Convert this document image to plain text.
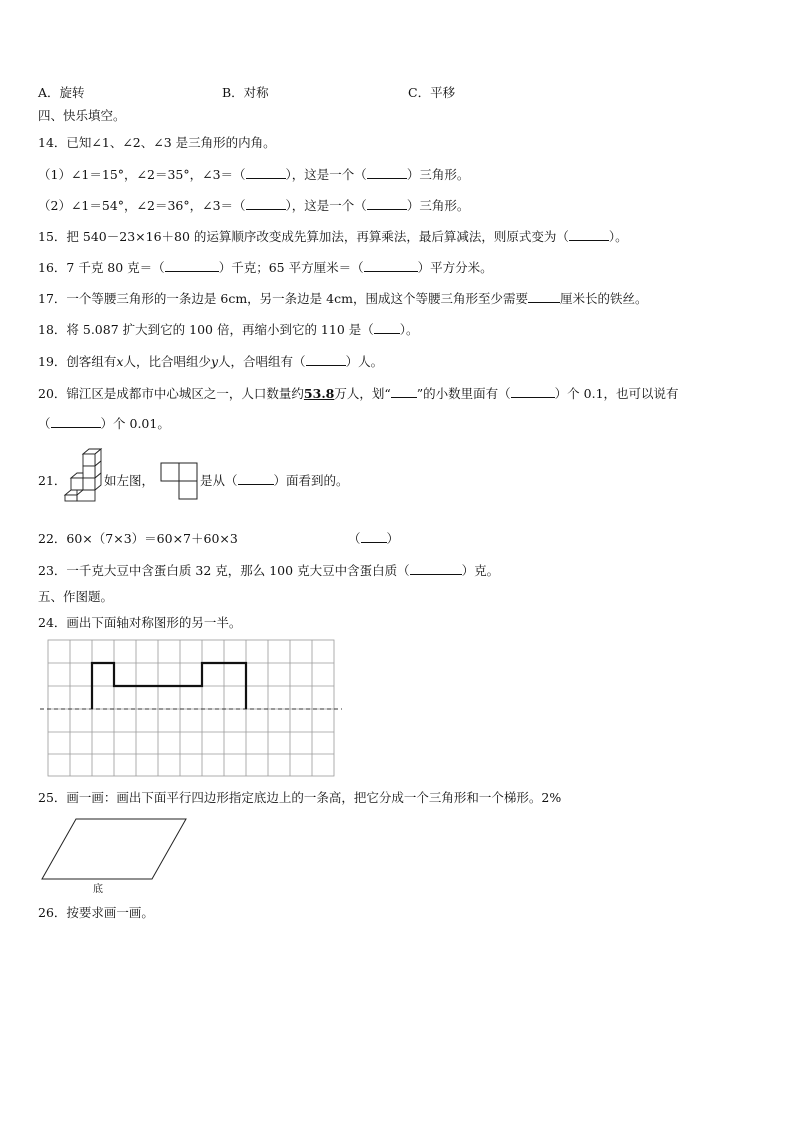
A．旋转	B．对称	C．平移
四、快乐填空。
14．已知∠1、∠2、∠3 是三角形的内角。
（1）∠1＝15°，∠2＝35°，∠3＝（	），这是一个（	）三角形。
（2）∠1＝54°，∠2＝36°，∠3＝（	），这是一个（	）三角形。
15．把 540－23×16＋80 的运算顺序改变成先算加法，再算乘法，最后算减法，则原式变为（	）。
16．7 千克 80 克＝（	）千克；65 平方厘米＝（	）平方分米。
17．一个等腰三角形的一条边是 6cm，另一条边是 4cm，围成这个等腰三角形至少需要	厘米长的铁丝。
18．将 5.087 扩大到它的 100 倍，再缩小到它的 110 是（ ）。
19．创客组有x人，比合唱组少y人，合唱组有（	）人。
20．锦江区是成都市中心城区之一，人口数量约53.8万人，划“ ”的小数里面有（	）个 0.1，也可以说有
（	）个 0.01。
21．	如左图，	是从（	）面看到的。
22．60×（7×3）＝60×7＋60×3	（ ）
23．一千克大豆中含蛋白质 32 克，那么 100 克大豆中含蛋白质（	）克。
五、作图题。
24．画出下面轴对称图形的另一半。
25．画一画：画出下面平行四边形指定底边上的一条高，把它分成一个三角形和一个梯形。2%
底
26．按要求画一画。
